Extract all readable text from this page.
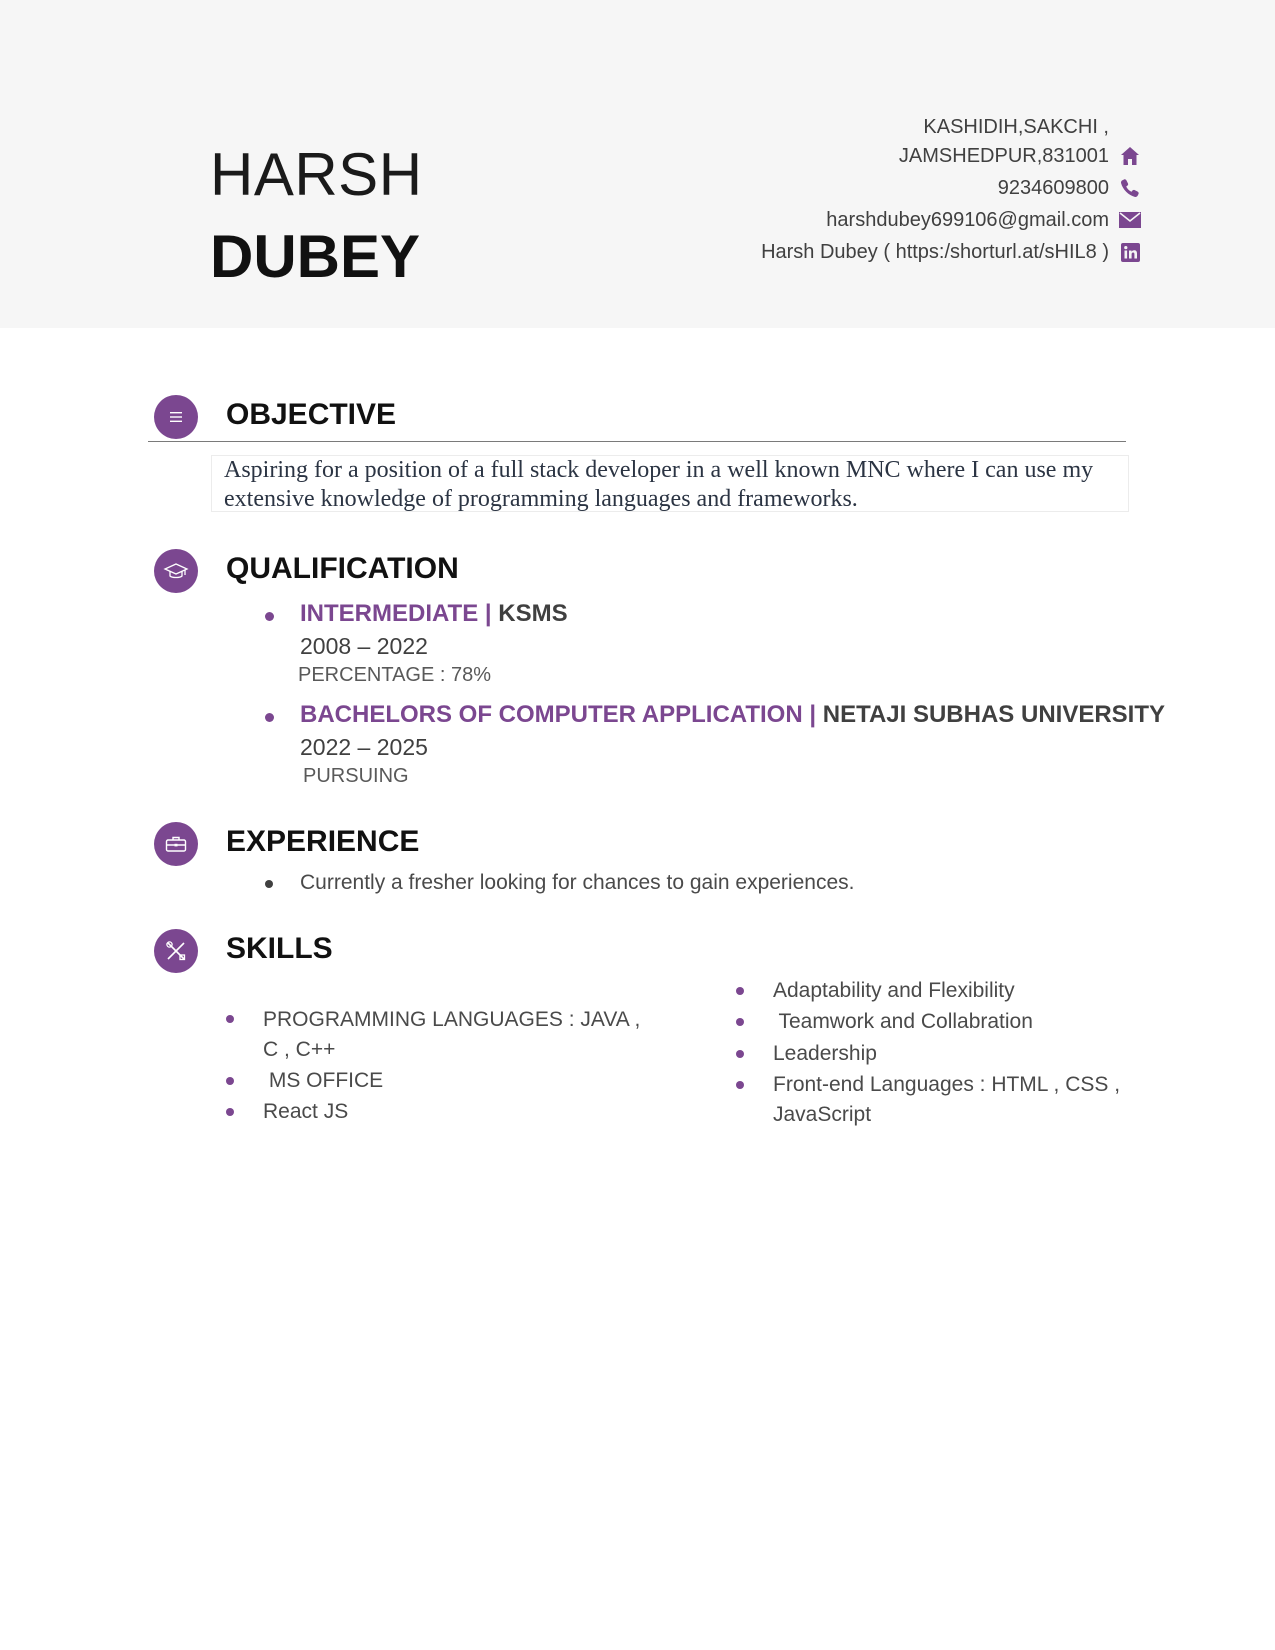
HARSH
DUBEY
KASHIDIH,SAKCHI ,
JAMSHEDPUR,831001
9234609800
harshdubey699106@gmail.com
Harsh Dubey ( https:/shorturl.at/sHIL8 )
OBJECTIVE
Aspiring for a position of a full stack developer in a well known MNC where I can use my extensive knowledge of programming languages and frameworks.
QUALIFICATION
INTERMEDIATE | KSMS
2008 – 2022
PERCENTAGE : 78%
BACHELORS OF COMPUTER APPLICATION | NETAJI SUBHAS UNIVERSITY
2022 – 2025
PURSUING
EXPERIENCE
Currently a fresher looking for chances to gain experiences.
SKILLS
PROGRAMMING LANGUAGES : JAVA , C , C++
MS OFFICE
React JS
Adaptability and Flexibility
Teamwork and Collabration
Leadership
Front-end Languages : HTML , CSS , JavaScript
